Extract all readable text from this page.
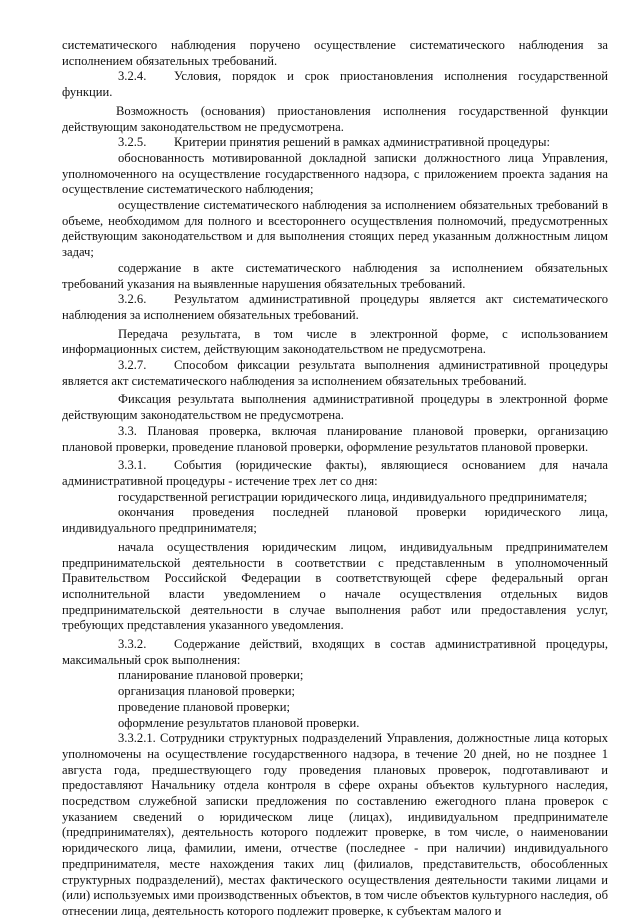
систематического наблюдения поручено осуществление систематического наблюдения за исполнением обязательных требований.

3.2.4. Условия, порядок и срок приостановления исполнения государственной функции.

Возможность (основания) приостановления исполнения государственной функции действующим законодательством не предусмотрена.

3.2.5. Критерии принятия решений в рамках административной процедуры:

обоснованность мотивированной докладной записки должностного лица Управления, уполномоченного на осуществление государственного надзора, с приложением проекта задания на осуществление систематического наблюдения;

осуществление систематического наблюдения за исполнением обязательных требований в объеме, необходимом для полного и всестороннего осуществления полномочий, предусмотренных действующим законодательством и для выполнения стоящих перед указанным должностным лицом задач;

содержание в акте систематического наблюдения за исполнением обязательных требований указания на выявленные нарушения обязательных требований.

3.2.6. Результатом административной процедуры является акт систематического наблюдения за исполнением обязательных требований.

Передача результата, в том числе в электронной форме, с использованием информационных систем, действующим законодательством не предусмотрена.

3.2.7. Способом фиксации результата выполнения административной процедуры является акт систематического наблюдения за исполнением обязательных требований.

Фиксация результата выполнения административной процедуры в электронной форме действующим законодательством не предусмотрена.

3.3. Плановая проверка, включая планирование плановой проверки, организацию плановой проверки, проведение плановой проверки, оформление результатов плановой проверки.

3.3.1. События (юридические факты), являющиеся основанием для начала административной процедуры - истечение трех лет со дня:

государственной регистрации юридического лица, индивидуального предпринимателя;

окончания проведения последней плановой проверки юридического лица, индивидуального предпринимателя;

начала осуществления юридическим лицом, индивидуальным предпринимателем предпринимательской деятельности в соответствии с представленным в уполномоченный Правительством Российской Федерации в соответствующей сфере федеральный орган исполнительной власти уведомлением о начале осуществления отдельных видов предпринимательской деятельности в случае выполнения работ или предоставления услуг, требующих представления указанного уведомления.

3.3.2. Содержание действий, входящих в состав административной процедуры, максимальный срок выполнения:

планирование плановой проверки;

организация плановой проверки;

проведение плановой проверки;

оформление результатов плановой проверки.

3.3.2.1. Сотрудники структурных подразделений Управления, должностные лица которых уполномочены на осуществление государственного надзора, в течение 20 дней, но не позднее 1 августа года, предшествующего году проведения плановых проверок, подготавливают и предоставляют Начальнику отдела контроля в сфере охраны объектов культурного наследия, посредством служебной записки предложения по составлению ежегодного плана проверок с указанием сведений о юридическом лице (лицах), индивидуальном предпринимателе (предпринимателях), деятельность которого подлежит проверке, в том числе, о наименовании юридического лица, фамилии, имени, отчестве (последнее - при наличии) индивидуального предпринимателя, месте нахождения таких лиц (филиалов, представительств, обособленных структурных подразделений), местах фактического осуществления деятельности такими лицами и (или) используемых ими производственных объектов, в том числе объектов культурного наследия, об отнесении лица, деятельность которого подлежит проверке, к субъектам малого и
